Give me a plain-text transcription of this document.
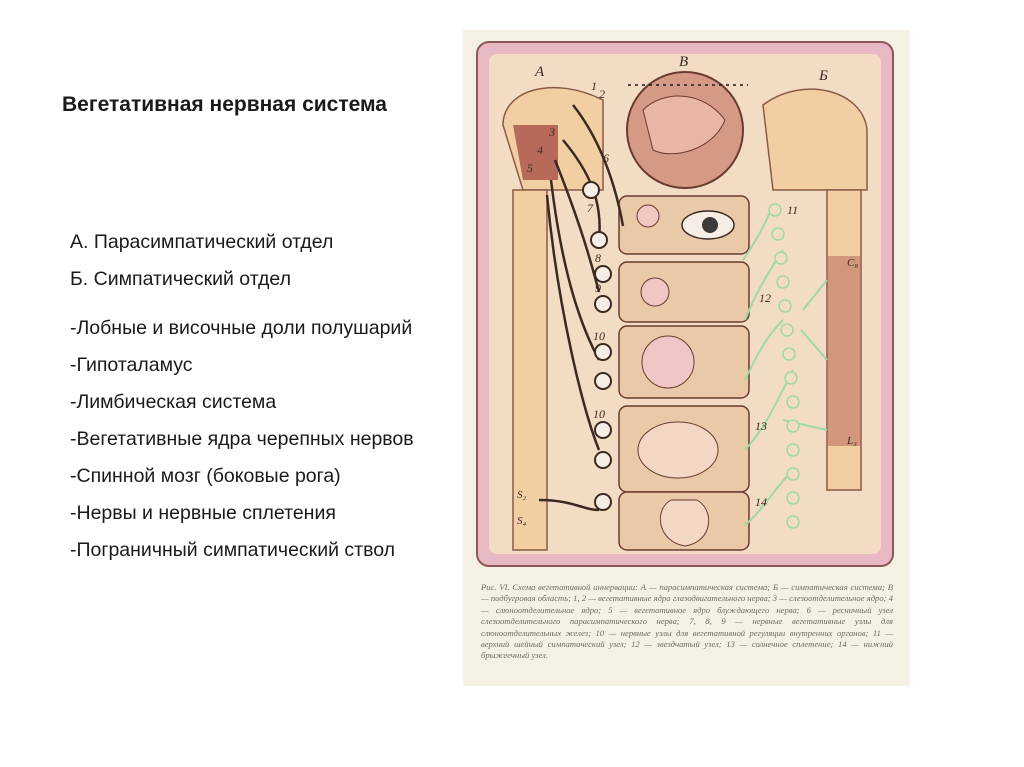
Вегетативная нервная система
А. Парасимпатический отдел
Б. Симпатический отдел
-Лобные и височные доли полушарий
-Гипоталамус
-Лимбическая система
-Вегетативные ядра черепных нервов
-Спинной мозг (боковые рога)
-Нервы и нервные сплетения
-Пограничный симпатический ствол
А
В
Б
1
2
3
4
5
6
7
8
9
10
10
11
12
13
14
С₈
L₃
S₂
S₄
Рис. VI. Схема вегетативной иннервации: А — парасимпатическая система; Б — симпатическая система; В — подбугровая область; 1, 2 — вегетативные ядра глазодвигательного нерва; 3 — слезоотделительное ядро; 4 — слюноотделительное ядро; 5 — вегетативное ядро блуждающего нерва; 6 — ресничный узел слезоотделительного парасимпатического нерва; 7, 8, 9 — нервные вегетативные узлы для слюноотделительных желез; 10 — нервные узлы для вегетативной регуляции внутренних органов; 11 — верхний шейный симпатический узел; 12 — звездчатый узел; 13 — солнечное сплетение; 14 — нижний брыжеечный узел.
